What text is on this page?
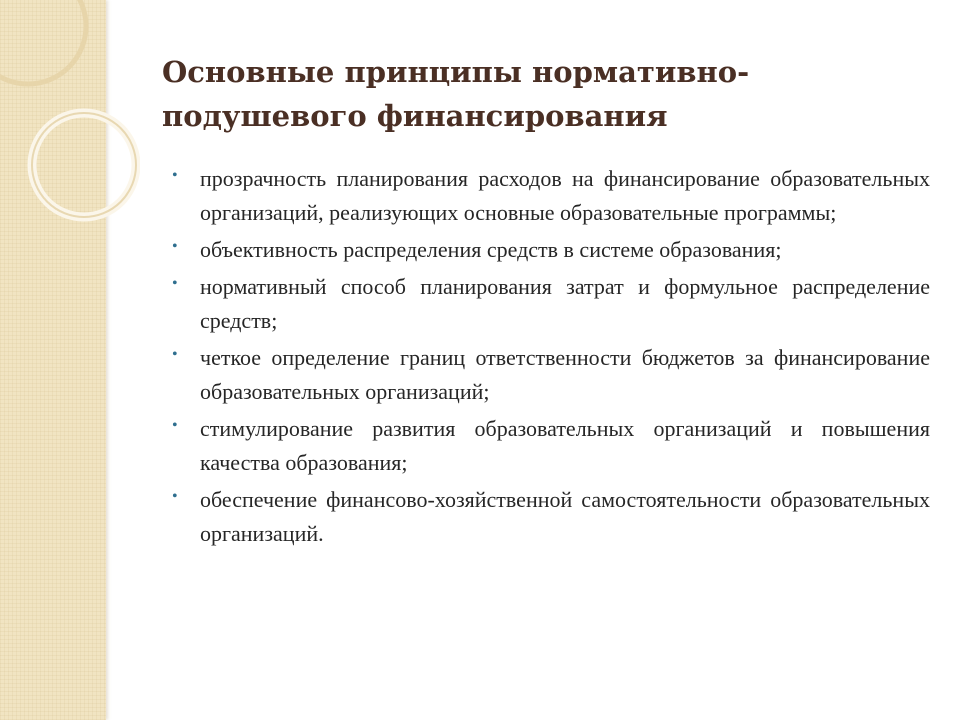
Основные принципы нормативно-подушевого финансирования
• прозрачность планирования расходов на финансирование образовательных организаций, реализующих основные образовательные программы;
• объективность распределения средств в системе образования;
• нормативный способ планирования затрат и формульное распределение средств;
• четкое определение границ ответственности бюджетов за финансирование образовательных организаций;
• стимулирование развития образовательных организаций и повышения качества образования;
• обеспечение финансово-хозяйственной самостоятельности образовательных организаций.
